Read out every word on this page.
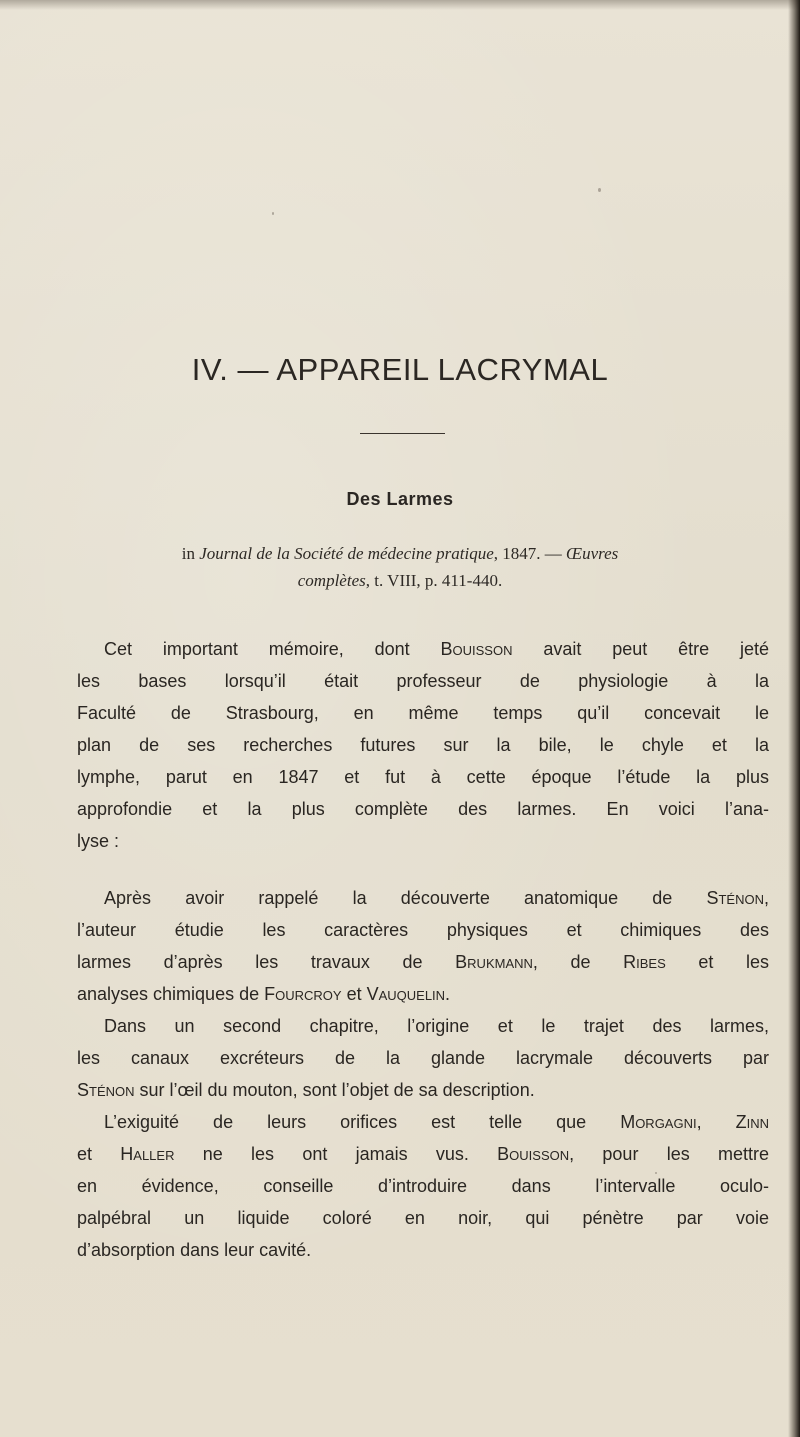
IV. — APPAREIL LACRYMAL
Des Larmes
in Journal de la Société de médecine pratique, 1847. — Œuvres
complètes, t. VIII, p. 411-440.

Cet important mémoire, dont Bouisson avait peut être jeté
les bases lorsqu’il était professeur de physiologie à la
Faculté de Strasbourg, en même temps qu’il concevait le
plan de ses recherches futures sur la bile, le chyle et la
lymphe, parut en 1847 et fut à cette époque l’étude la plus
approfondie et la plus complète des larmes. En voici l’ana-
lyse :

Après avoir rappelé la découverte anatomique de Sténon,
l’auteur étudie les caractères physiques et chimiques des
larmes d’après les travaux de Brukmann, de Ribes et les
analyses chimiques de Fourcroy et Vauquelin.

Dans un second chapitre, l’origine et le trajet des larmes,
les canaux excréteurs de la glande lacrymale découverts par
Sténon sur l’œil du mouton, sont l’objet de sa description.

L’exiguité de leurs orifices est telle que Morgagni, Zinn
et Haller ne les ont jamais vus. Bouisson, pour les mettre
en évidence, conseille d’introduire dans l’intervalle oculo-
palpébral un liquide coloré en noir, qui pénètre par voie
d’absorption dans leur cavité.
